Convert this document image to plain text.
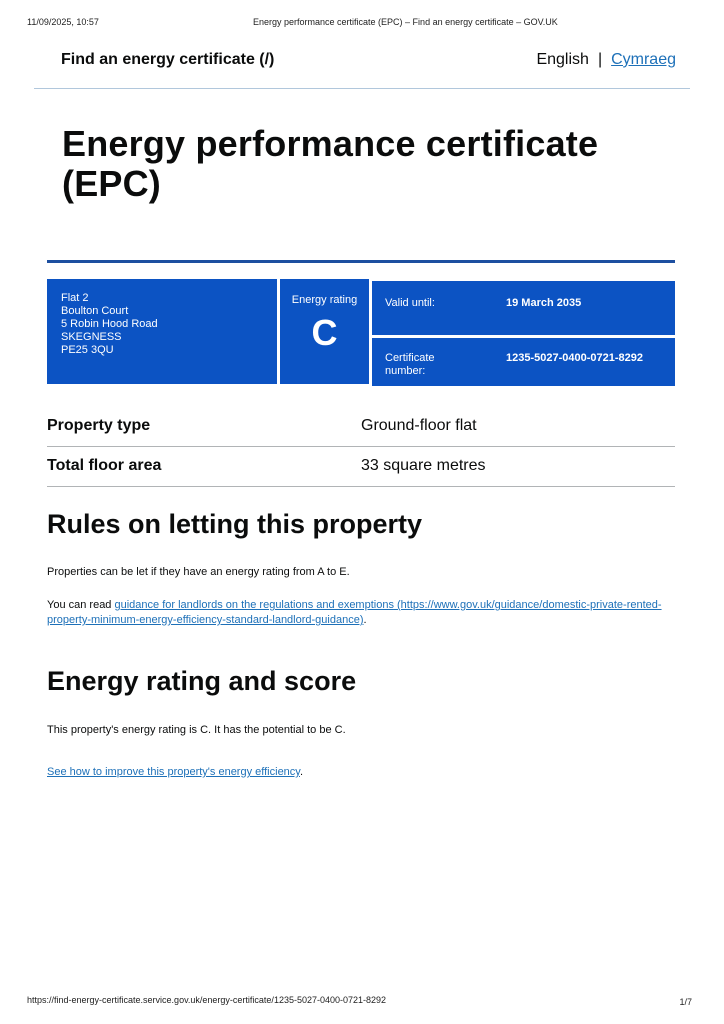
11/09/2025, 10:57	Energy performance certificate (EPC) – Find an energy certificate – GOV.UK
Find an energy certificate (/)	English | Cymraeg
Energy performance certificate (EPC)
Flat 2
Boulton Court
5 Robin Hood Road
SKEGNESS
PE25 3QU
Energy rating
C
Valid until:	19 March 2035
Certificate number:
1235-5027-0400-0721-8292
Property type	Ground-floor flat
Total floor area	33 square metres
Rules on letting this property

Properties can be let if they have an energy rating from A to E.

You can read guidance for landlords on the regulations and exemptions (https://www.gov.uk/guidance/domestic-private-rented-property-minimum-energy-efficiency-standard-landlord-guidance).

Energy rating and score

This property's energy rating is C. It has the potential to be C.

See how to improve this property's energy efficiency.

https://find-energy-certificate.service.gov.uk/energy-certificate/1235-5027-0400-0721-8292	1/7
